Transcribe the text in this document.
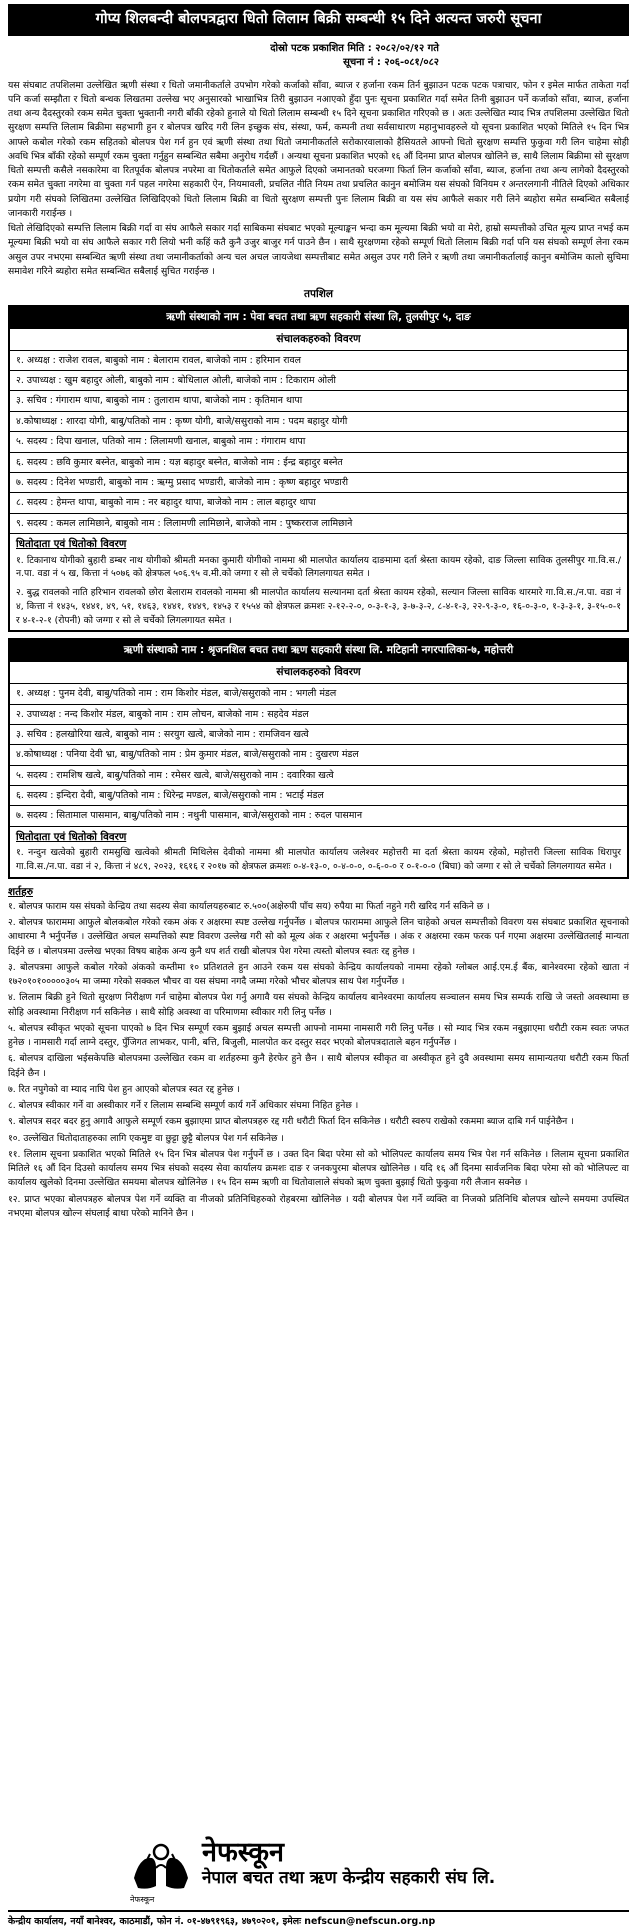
गोप्य शिलबन्दी बोलपत्रद्वारा धितो लिलाम बिक्री सम्बन्धी १५ दिने अत्यन्त जरुरी सूचना
दोस्रो पटक प्रकाशित मिति : २०८२/०२/१२ गते
सूचना नं : २०६-०८१/०८२

यस संघबाट तपशिलमा उल्लेखित ऋणी संस्था र धितो जमानीकर्ताले उपभोग गरेको कर्जाको साँवा, ब्याज र हर्जाना रकम तिर्न बुझाउन पटक पटक पत्राचार, फोन र इमेल मार्फत ताकेता गर्दा पनि कर्जा सम्झौता र धितो बन्धक लिखतमा उल्लेख भए अनुसारको भाखाभित्र तिरी बुझाउन नआएको हुँदा पुनः सूचना प्रकाशित गर्दा समेत तिनी बुझाउन पर्ने कर्जाको साँवा, ब्याज, हर्जाना तथा अन्य दैदस्तुरको रकम समेत चुक्ता भुक्तानी नगरी बाँकी रहेको हुनाले यो धितो लिलाम सम्बन्धी १५ दिने सूचना प्रकाशित गरिएको छ । अतः उल्लेखित म्याद भित्र तपशिलमा उल्लेखित धितो सुरक्षण सम्पत्ति लिलाम बिक्रीमा सहभागी हुन र बोलपत्र खरिद गरी लिन इच्छुक संघ, संस्था, फर्म, कम्पनी तथा सर्वसाधारण महानुभावहरुले यो सूचना प्रकाशित भएको मितिले १५ दिन भित्र आफ्ले कबोल गरेको रकम सहितको बोलपत्र पेश गर्न हुन एवं ऋणी संस्था तथा धितो जमानीकर्ताले सरोकारवालाको हैसियतले आफ्नो धितो सुरक्षण सम्पत्ति फुकुवा गरी लिन चाहेमा सोही अवधि भित्र बाँकी रहेको सम्पूर्ण रकम चुक्ता गर्नुहुन सम्बन्धित सबैमा अनुरोध गर्दछौं । अन्यथा सूचना प्रकाशित भएको १६ औं दिनमा प्राप्त बोलपत्र खोलिने छ, साथै लिलाम बिक्रीमा सो सुरक्षण धितो सम्पत्ती कसैले नसकारेमा वा रितपूर्वक बोलपत्र नपरेमा वा धितोकर्ताले समेत आफुले दिएको जमानतको घरजग्गा फिर्ता लिन कर्जाको साँवा, ब्याज, हर्जाना तथा अन्य लागेको दैदस्तुरको रकम समेत चुक्ता नगरेमा वा चुक्ता गर्न पहल नगरेमा सहकारी ऐन, नियमावली, प्रचलित नीति नियम तथा प्रचलित कानुन बमोजिम यस संघको विनियम र अन्तरलगानी नीतिले दिएको अधिकार प्रयोग गरी संघको लिखितमा उल्लेखित लिखिदिएको धितो लिलाम बिक्री वा धितो सुरक्षण सम्पत्ती पुनः लिलाम बिक्री वा यस संघ आफैले सकार गरी लिने ब्यहोरा समेत सम्बन्धित सबैलाई जानकारी गराईन्छ ।

धितो लेखिदिएको सम्पत्ति लिलाम बिक्री गर्दा वा संघ आफैले सकार गर्दा साबिकमा संघबाट भएको मूल्याङ्कन भन्दा कम मूल्यमा बिक्री भयो वा मेरो, हाम्रो सम्पत्तीको उचित मूल्य प्राप्त नभई कम मूल्यमा बिक्री भयो वा संघ आफैले सकार गरी लियो भनी कहिं कतै कुनै उजुर बाजुर गर्न पाउने छैन । साथै सुरक्षणमा रहेको सम्पूर्ण धितो लिलाम बिक्री गर्दा पनि यस संघको सम्पूर्ण लेना रकम असुल उपर नभएमा सम्बन्धित ऋणी संस्था तथा जमानीकर्ताको अन्य चल अचल जायजेथा सम्पत्तीबाट समेत असुल उपर गरी लिने र ऋणी तथा जमानीकर्तालाई कानुन बमोजिम कालो सुचिमा समावेश गरिने ब्यहोरा समेत सम्बन्धित सबैलाई सुचित गराईन्छ ।

तपशिल
ऋणी संस्थाको नाम : पेवा बचत तथा ऋण सहकारी संस्था लि, तुलसीपुर ५, दाङ
संचालकहरुको विवरण
१. अध्यक्ष : राजेश रावल, बाबुको नाम : बेलाराम रावल, बाजेको नाम : हरिमान रावल
२. उपाध्यक्ष : खुम बहादुर ओली, बाबुको नाम : बोधिलाल ओली, बाजेको नाम : टिकाराम ओली
३. सचिव : गंगाराम थापा, बाबुको नाम : तुलाराम थापा, बाजेको नाम : कृतिमान थापा
४.कोषाध्यक्ष : शारदा योगी, बाबु/पतिको नाम : कृष्ण योगी, बाजे/ससुराको नाम : पदम बहादुर योगी
५. सदस्य : दिपा खनाल, पतिको नाम : लिलामणी खनाल, बाबुको नाम : गंगाराम थापा
६. सदस्य : छवि कुमार बस्नेत, बाबुको नाम : यज्ञ बहादुर बस्नेत, बाजेको नाम : ईन्द्र बहादुर बस्नेत
७. सदस्य : दिनेश भण्डारी, बाबुको नाम : ऋग्मु प्रसाद भण्डारी, बाजेको नाम : कृष्ण बहादुर भण्डारी
८. सदस्य : हेमन्त थापा, बाबुको नाम : नर बहादुर थापा, बाजेको नाम : लाल बहादुर थापा
९. सदस्य : कमल लामिछाने, बाबुको नाम : लिलामणी लामिछाने, बाजेको नाम : पुष्करराज लामिछाने
धितोदाता एवं धितोको विवरण
१. टिकानाथ योगीको बुहारी डम्बर नाथ योगीको श्रीमती मनका कुमारी योगीको नाममा श्री मालपोत कार्यालय दाङमामा दर्ता श्रेस्ता कायम रहेको, दाङ जिल्ला साविक तुलसीपुर गा.वि.स./न.पा. वडा नं ५ ख, कित्ता नं ५०७६ को क्षेत्रफल ५०६.९५ व.मी.को जग्गा र सो ले चर्चेको लिगलगायत समेत ।
२. बुद्ध रावलको नाति हरिभान रावलको छोरा बेलाराम रावलको नाममा श्री मालपोत कार्यालय सल्यानमा दर्ता श्रेस्ता कायम रहेको, सल्यान जिल्ला साविक थारमारे गा.वि.स./न.पा. वडा नं ४, कित्ता नं १४३५, १४४१, ४९, ५१, १४६३, १४४१, १४४९, १४५३ र १५५४ को क्षेत्रफल क्रमशः २-१२-२-०, ०-३-१-३, ३-७-३-२, ८-४-१-३, २२-९-३-०, १६-०-३-०, १-३-३-१, ३-१५-०-१ र ४-१-२-१ (रोपनी) को जग्गा र सो ले चर्चेको लिगलगायत समेत ।
ऋणी संस्थाको नाम : श्रृजनशिल बचत तथा ऋण सहकारी संस्था लि. मटिहानी नगरपालिका-७, महोत्तरी
संचालकहरुको विवरण
१. अध्यक्ष : पुनम देवी, बाबु/पतिको नाम : राम किशोर मंडल, बाजे/ससुराको नाम : भगली मंडल
२. उपाध्यक्ष : नन्द किशोर मंडल, बाबुको नाम : राम लोचन, बाजेको नाम : सहदेव मंडल
३. सचिव : हलखोरिया खत्वे, बाबुको नाम : सरयुग खत्वे, बाजेको नाम : रामजिवन खत्वे
४.कोषाध्यक्ष : पनिया देवी भ्रा, बाबु/पतिको नाम : प्रेम कुमार मंडल, बाजे/ससुराको नाम : दुखरण मंडल
५. सदस्य : रामशिष खत्वे, बाबु/पतिको नाम : रमेसर खत्वे, बाजे/ससुराको नाम : दवारिका खत्वे
६. सदस्य : इन्दिरा देवी, बाबु/पतिको नाम : धिरेन्द्र मण्डल, बाजे/ससुराको नाम : भटाई मंडल
७. सदस्य : सितामाल पासमान, बाबु/पतिको नाम : नथुनी पासमान, बाजे/ससुराको नाम : रुदल पासमान
धितोदाता एवं धितोको विवरण
१. नन्दुन खत्वेको बुहारी रामसुखि खत्वेको श्रीमती मिथिलेस देवीको नाममा श्री मालपोत कार्यालय जलेश्वर महोत्तरी मा दर्ता श्रेस्ता कायम रहेको, महोत्तरी जिल्ला साविक धिरापुर गा.वि.स./न.पा. वडा नं २, कित्ता नं ४८९, २०२३, १६१६ र २०१७ को क्षेत्रफल क्रमशः ०-४-१३-०, ०-४-०-०, ०-६-०-० र ०-१-०-० (बिघा) को जग्गा र सो ले चर्चेको लिगलगायत समेत ।
शर्तहरु
१. बोलपत्र फाराम यस संघको केन्द्रिय तथा सदस्य सेवा कार्यालयहरुबाट रु.५००(अक्षेरुपी पाँच सय) रुपैया मा फिर्ता नहुने गरी खरिद गर्न सकिने छ ।
२. बोलपत्र फाराममा आफुले बोलकबोल गरेको रकम अंक र अक्षरमा स्पष्ट उल्लेख गर्नुपर्नेछ । बोलपत्र फाराममा आफुले लिन चाहेको अचल सम्पत्तीको विवरण यस संघबाट प्रकाशित सूचनाको आधारमा नै भर्नुपर्नेछ । उल्लेखित अचल सम्पत्तिको स्पष्ट विवरण उल्लेख गरी सो को मूल्य अंक र अक्षरमा भर्नुपर्नेछ । अंक र अक्षरमा रकम फरक पर्न गएमा अक्षरमा उल्लेखितलाई मान्यता दिईने छ । बोलपत्रमा उल्लेख भएका विषय बाहेक अन्य कुनै थप शर्त राखी बोलपत्र पेश गरेमा त्यस्तो बोलपत्र स्वतः रद्द हुनेछ ।
३. बोलपत्रमा आफुले कबोल गरेको अंकको कम्तीमा १० प्रतिशतले हुन आउने रकम यस संघको केन्द्रिय कार्यालयको नाममा रहेको ग्लोबल आई.एम.ई बैंक, बानेश्वरमा रहेको खाता नं १७२०१०१०००००३०५ मा जम्मा गरेको सक्कल भौचर वा यस संघमा नगदै जम्मा गरेको भौचर बोलपत्र साथ पेश गर्नुपर्नेछ ।
४. लिलाम बिक्री हुने धितो सुरक्षण निरीक्षण गर्न चाहेमा बोलपत्र पेश गर्नु अगावै यस संघको केन्द्रिय कार्यालय बानेश्वरमा कार्यालय सञ्चालन समय भित्र सम्पर्क राखि जे जस्तो अवस्थामा छ सोहि अवस्थामा निरीक्षण गर्न सकिनेछ । साथै सोहि अवस्था वा परिमाणमा स्वीकार गरी लिनु पर्नेछ ।
५. बोलपत्र स्वीकृत भएको सूचना पाएको ७ दिन भित्र सम्पूर्ण रकम बुझाई अचल सम्पत्ती आफ्नो नाममा नामसारी गरी लिनु पर्नेछ । सो म्याद भित्र रकम नबुझाएमा धरौटी रकम स्वतः जफत हुनेछ । नामसारी गर्दा लाग्ने दस्तुर, पुँजिगत लाभकर, पानी, बत्ति, बिजुली, मालपोत कर दस्तुर सदर भएको बोलपत्रदाताले बहन गर्नुपर्नेछ ।
६. बोलपत्र दाखिला भईसकेपछि बोलपत्रमा उल्लेखित रकम वा शर्तहरुमा कुनै हेरफेर हुने छैन । साथै बोलपत्र स्वीकृत वा अस्वीकृत हुने दुवै अवस्थामा समय सामान्यतया धरौटी रकम फिर्ता दिईने छैन ।
७. रित नपुगेको वा म्याद नाघि पेश हुन आएको बोलपत्र स्वत रद्द हुनेछ ।
८. बोलपत्र स्वीकार गर्ने वा अस्वीकार गर्ने र लिलाम सम्बन्धि सम्पूर्ण कार्य गर्ने अधिकार संघमा निहित हुनेछ ।
९. बोलपत्र सदर बदर हुनु अगावै आफुले सम्पूर्ण रकम बुझाएमा प्राप्त बोलपत्रहरु रद्द गरी धरौटी फिर्ता दिन सकिनेछ । धरौटी स्वरुप राखेको रकममा ब्याज दाबि गर्न पाईनेछैन ।
१०. उल्लेखित धितोदाताहरुका लागि एकमुष्ट वा छुट्टा छुट्टै बोलपत्र पेश गर्न सकिनेछ ।
११. लिलाम सूचना प्रकाशित भएको मितिले १५ दिन भित्र बोलपत्र पेश गर्नुपर्ने छ । उक्त दिन बिदा परेमा सो को भोलिपल्ट कार्यालय समय भित्र पेश गर्न सकिनेछ । लिलाम सूचना प्रकाशित मितिले १६ औं दिन दिउसो कार्यालय समय भित्र संघको सदस्य सेवा कार्यालय क्रमशः दाङ र जनकपुरमा बोलपत्र खोलिनेछ । यदि १६ औं दिनमा सार्वजनिक बिदा परेमा सो को भोलिपल्ट वा कार्यालय खुलेको दिनमा उल्लेखित समयमा बोलपत्र खोलिनेछ । १५ दिन सम्म ऋणी वा धितोवालाले संघको ऋण चुक्ता बुझाई धितो फुकुवा गरी लैजान सक्नेछ ।
१२. प्राप्त भएका बोलपत्रहरु बोलपत्र पेश गर्ने व्यक्ति वा नीजको प्रतिनिधिहरुको रोहबरमा खोलिनेछ । यदी बोलपत्र पेश गर्ने व्यक्ति वा निजको प्रतिनिधि बोलपत्र खोल्ने समयमा उपस्थित नभएमा बोलपत्र खोल्न संघलाई बाधा परेको मानिने छैन ।
नेफस्कून
नेपाल बचत तथा ऋण केन्द्रीय सहकारी संघ लि.
नेफस्कून
केन्द्रीय कार्यालय, नयाँ बानेश्वर, काठमाडौं, फोन नं. ०१-४७९१९६३, ४७९०२०१, इमेलः nefscun@nefscun.org.np
